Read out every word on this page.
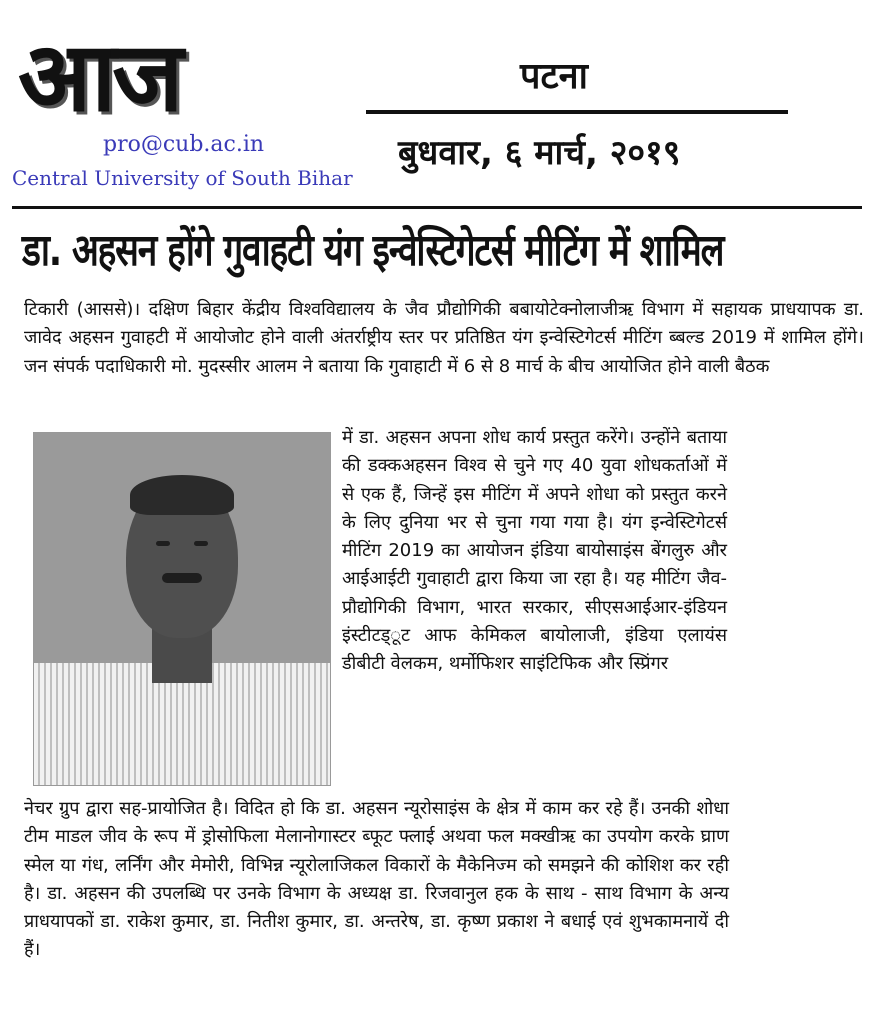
आज	पटना
बुधवार, ६ मार्च, २०१९
pro@cub.ac.in
Central University of South Bihar
डा. अहसन होंगे गुवाहटी यंग इन्वेस्टिगेटर्स मीटिंग में शामिल
टिकारी (आससे)। दक्षिण बिहार केंद्रीय विश्वविद्यालय के जैव प्रौद्योगिकी बबायोटेक्नोलाजीऋ विभाग में सहायक प्राधयापक डा. जावेद अहसन गुवाहटी में आयोजोट होने वाली अंतर्राष्ट्रीय स्तर पर प्रतिष्ठित यंग इन्वेस्टिगेटर्स मीटिंग ब्बल्ड 2019 में शामिल होंगे। जन संपर्क पदाधिकारी मो. मुदस्सीर आलम ने बताया कि गुवाहाटी में 6 से 8 मार्च के बीच आयोजित होने वाली बैठक
में डा. अहसन अपना शोध कार्य प्रस्तुत करेंगे। उन्होंने बताया की डक्कअहसन विश्व से चुने गए 40 युवा शोधकर्ताओं में से एक हैं, जिन्हें इस मीटिंग में अपने शोधा को प्रस्तुत करने के लिए दुनिया भर से चुना गया गया है। यंग इन्वेस्टिगेटर्स मीटिंग 2019 का आयोजन इंडिया बायोसाइंस बेंगलुरु और आईआईटी गुवाहाटी द्वारा किया जा रहा है। यह मीटिंग जैव-प्रौद्योगिकी विभाग, भारत सरकार, सीएसआईआर-इंडियन इंस्टीटड्ूट आफ केमिकल बायोलाजी, इंडिया एलायंस डीबीटी वेलकम, थर्मोफिशर साइंटिफिक और स्प्रिंगर
नेचर ग्रुप द्वारा सह-प्रायोजित है। विदित हो कि डा. अहसन न्यूरोसाइंस के क्षेत्र में काम कर रहे हैं। उनकी शोधा टीम माडल जीव के रूप में ड्रोसोफिला मेलानोगास्टर ब्फूट फ्लाई अथवा फल मक्खीऋ का उपयोग करके घ्राण स्मेल या गंध, लर्निंग और मेमोरी, विभिन्न न्यूरोलाजिकल विकारों के मैकेनिज्म को समझने की कोशिश कर रही है। डा. अहसन की उपलब्धि पर उनके विभाग के अध्यक्ष डा. रिजवानुल हक के साथ - साथ विभाग के अन्य प्राधयापकों डा. राकेश कुमार, डा. नितीश कुमार, डा. अन्तरेष, डा. कृष्ण प्रकाश ने बधाई एवं शुभकामनायें दी हैं।
